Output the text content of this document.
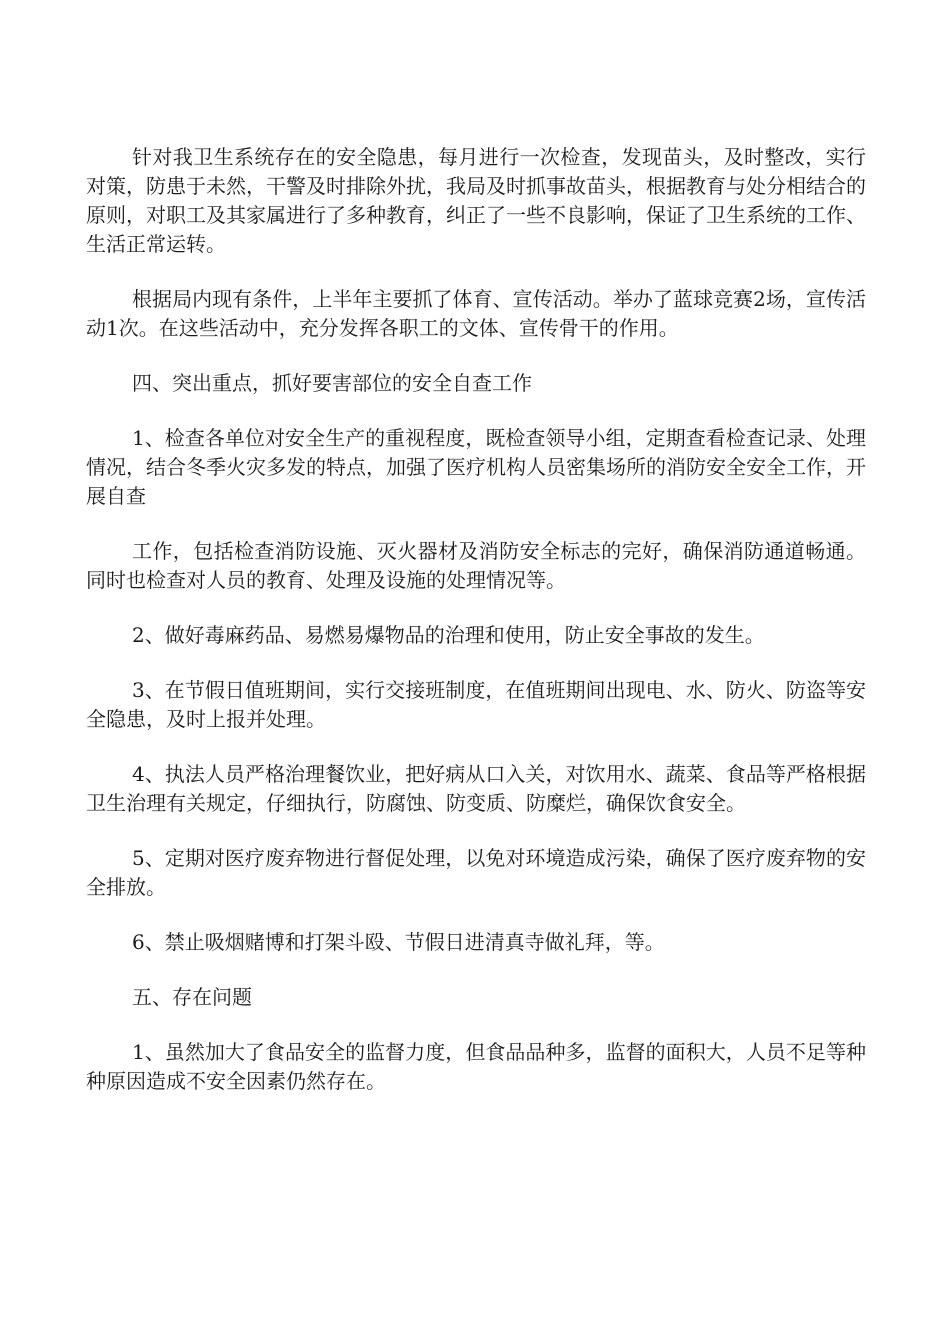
针对我卫生系统存在的安全隐患，每月进行一次检查，发现苗头，及时整改，实行对策，防患于未然，干警及时排除外扰，我局及时抓事故苗头，根据教育与处分相结合的原则，对职工及其家属进行了多种教育，纠正了一些不良影响，保证了卫生系统的工作、生活正常运转。

根据局内现有条件，上半年主要抓了体育、宣传活动。举办了蓝球竞赛2场，宣传活动1次。在这些活动中，充分发挥各职工的文体、宣传骨干的作用。

四、突出重点，抓好要害部位的安全自查工作

1、检查各单位对安全生产的重视程度，既检查领导小组，定期查看检查记录、处理情况，结合冬季火灾多发的特点，加强了医疗机构人员密集场所的消防安全安全工作，开展自查

工作，包括检查消防设施、灭火器材及消防安全标志的完好，确保消防通道畅通。同时也检查对人员的教育、处理及设施的处理情况等。

2、做好毒麻药品、易燃易爆物品的治理和使用，防止安全事故的发生。

3、在节假日值班期间，实行交接班制度，在值班期间出现电、水、防火、防盗等安全隐患，及时上报并处理。

4、执法人员严格治理餐饮业，把好病从口入关，对饮用水、蔬菜、食品等严格根据卫生治理有关规定，仔细执行，防腐蚀、防变质、防糜烂，确保饮食安全。

5、定期对医疗废弃物进行督促处理，以免对环境造成污染，确保了医疗废弃物的安全排放。

6、禁止吸烟赌博和打架斗殴、节假日进清真寺做礼拜，等。

五、存在问题

1、虽然加大了食品安全的监督力度，但食品品种多，监督的面积大，人员不足等种种原因造成不安全因素仍然存在。
